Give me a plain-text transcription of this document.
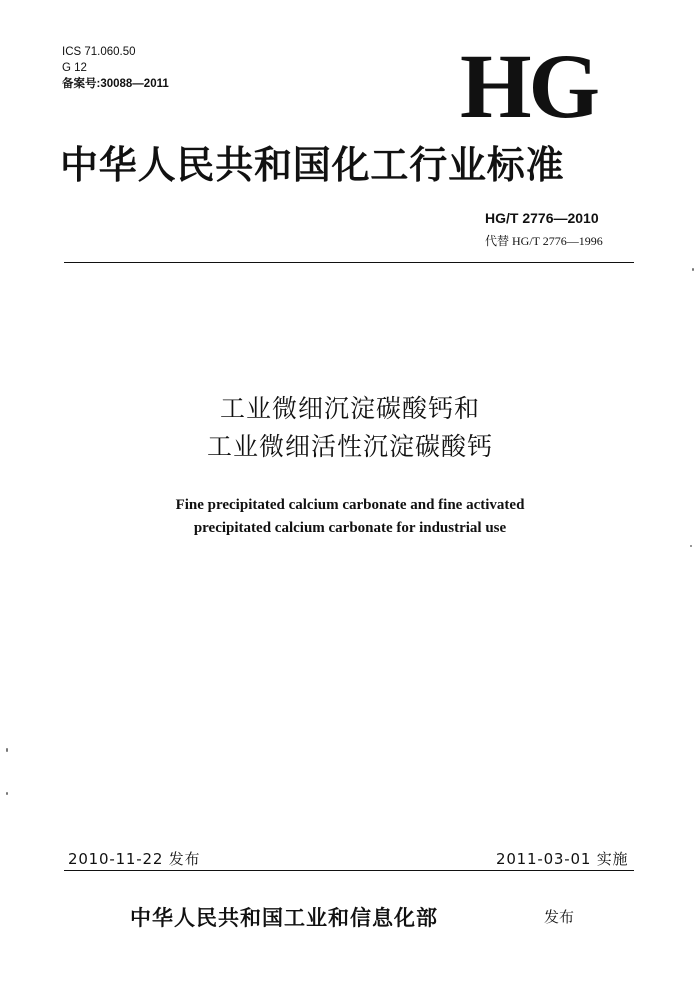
ICS 71.060.50
G 12
备案号:30088—2011	HG
中华人民共和国化工行业标准
HG/T 2776—2010
代替 HG/T 2776—1996
工业微细沉淀碳酸钙和
工业微细活性沉淀碳酸钙
Fine precipitated calcium carbonate and fine activated
precipitated calcium carbonate for industrial use
2010-11-22 发布	2011-03-01 实施
中华人民共和国工业和信息化部	发布
